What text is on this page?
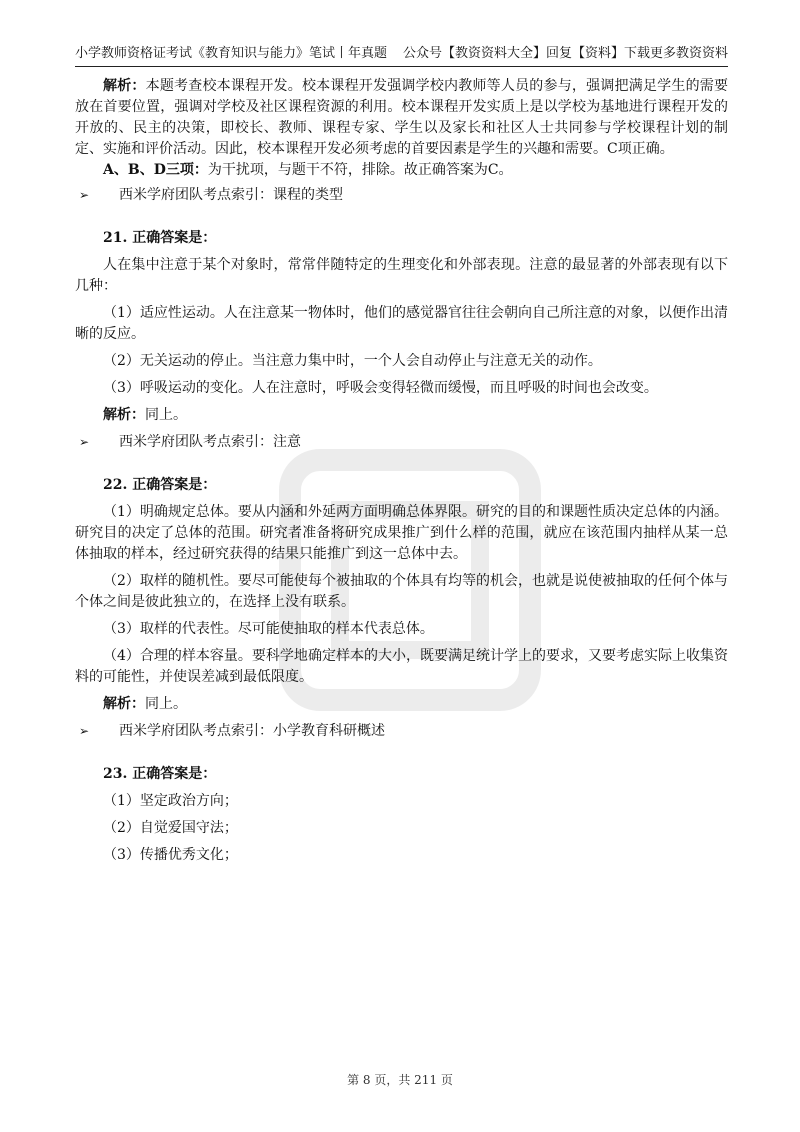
小学教师资格证考试《教育知识与能力》笔试丨年真题 公众号【教资资料大全】回复【资料】下载更多教资资料

解析：本题考查校本课程开发。校本课程开发强调学校内教师等人员的参与，强调把满足学生的需要放在首要位置，强调对学校及社区课程资源的利用。校本课程开发实质上是以学校为基地进行课程开发的开放的、民主的决策，即校长、教师、课程专家、学生以及家长和社区人士共同参与学校课程计划的制定、实施和评价活动。因此，校本课程开发必须考虑的首要因素是学生的兴趣和需要。C项正确。

A、B、D三项：为干扰项，与题干不符，排除。故正确答案为C。

➢ 西米学府团队考点索引：课程的类型

21. 正确答案是：

人在集中注意于某个对象时，常常伴随特定的生理变化和外部表现。注意的最显著的外部表现有以下几种：

（1）适应性运动。人在注意某一物体时，他们的感觉器官往往会朝向自己所注意的对象，以便作出清晰的反应。

（2）无关运动的停止。当注意力集中时，一个人会自动停止与注意无关的动作。

（3）呼吸运动的变化。人在注意时，呼吸会变得轻微而缓慢，而且呼吸的时间也会改变。

解析：同上。

➢ 西米学府团队考点索引：注意

22. 正确答案是：

（1）明确规定总体。要从内涵和外延两方面明确总体界限。研究的目的和课题性质决定总体的内涵。研究目的决定了总体的范围。研究者准备将研究成果推广到什么样的范围，就应在该范围内抽样从某一总体抽取的样本，经过研究获得的结果只能推广到这一总体中去。

（2）取样的随机性。要尽可能使每个被抽取的个体具有均等的机会，也就是说使被抽取的任何个体与个体之间是彼此独立的，在选择上没有联系。

（3）取样的代表性。尽可能使抽取的样本代表总体。

（4）合理的样本容量。要科学地确定样本的大小，既要满足统计学上的要求，又要考虑实际上收集资料的可能性，并使误差减到最低限度。

解析：同上。

➢ 西米学府团队考点索引：小学教育科研概述

23. 正确答案是：

（1）坚定政治方向；

（2）自觉爱国守法；

（3）传播优秀文化；

第 8 页，共 211 页
